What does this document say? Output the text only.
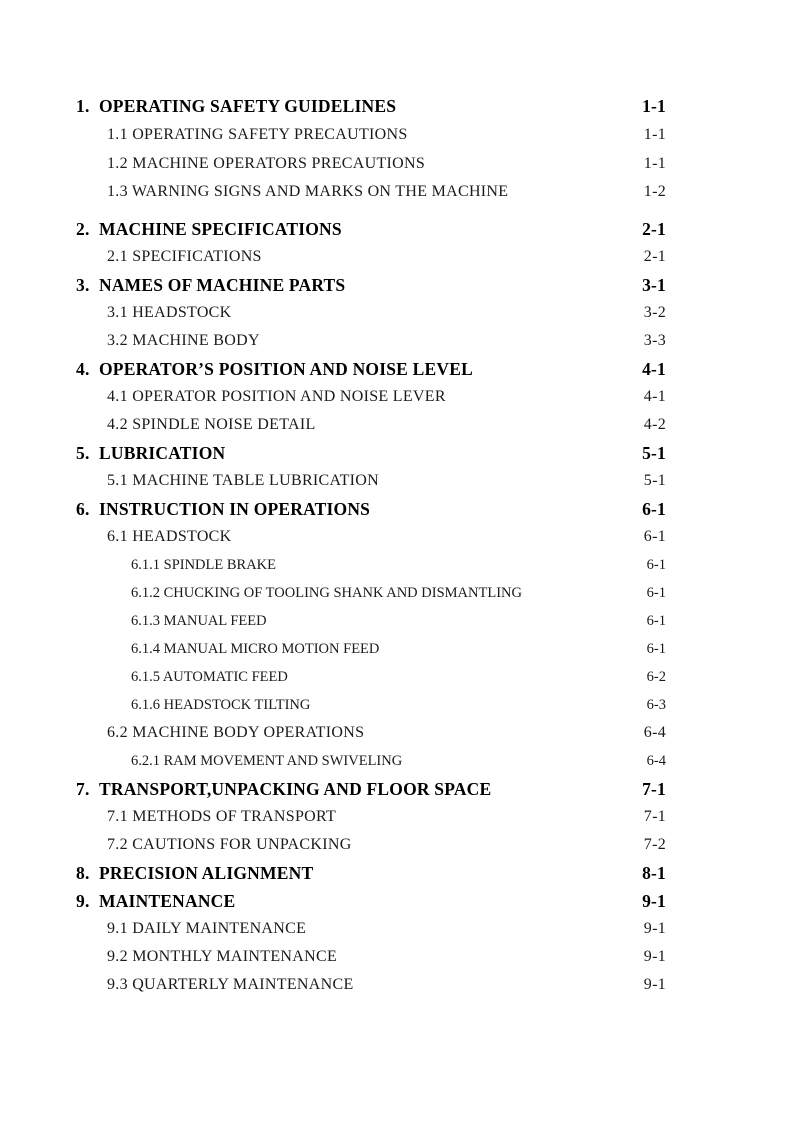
1. OPERATING SAFETY GUIDELINES	1-1
1.1 OPERATING SAFETY PRECAUTIONS	1-1
1.2 MACHINE OPERATORS PRECAUTIONS	1-1
1.3 WARNING SIGNS AND MARKS ON THE MACHINE	1-2
2. MACHINE SPECIFICATIONS	2-1
2.1 SPECIFICATIONS	2-1
3. NAMES OF MACHINE PARTS	3-1
3.1 HEADSTOCK	3-2
3.2 MACHINE BODY	3-3
4. OPERATOR’S POSITION AND NOISE LEVEL	4-1
4.1 OPERATOR POSITION AND NOISE LEVER	4-1
4.2 SPINDLE NOISE DETAIL	4-2
5. LUBRICATION	5-1
5.1 MACHINE TABLE LUBRICATION	5-1
6. INSTRUCTION IN OPERATIONS	6-1
6.1 HEADSTOCK	6-1
6.1.1 SPINDLE BRAKE	6-1
6.1.2 CHUCKING OF TOOLING SHANK AND DISMANTLING	6-1
6.1.3 MANUAL FEED	6-1
6.1.4 MANUAL MICRO MOTION FEED	6-1
6.1.5 AUTOMATIC FEED	6-2
6.1.6 HEADSTOCK TILTING	6-3
6.2 MACHINE BODY OPERATIONS	6-4
6.2.1 RAM MOVEMENT AND SWIVELING	6-4
7. TRANSPORT,UNPACKING AND FLOOR SPACE	7-1
7.1 METHODS OF TRANSPORT	7-1
7.2 CAUTIONS FOR UNPACKING	7-2
8. PRECISION ALIGNMENT	8-1
9. MAINTENANCE	9-1
9.1 DAILY MAINTENANCE	9-1
9.2 MONTHLY MAINTENANCE	9-1
9.3 QUARTERLY MAINTENANCE	9-1
